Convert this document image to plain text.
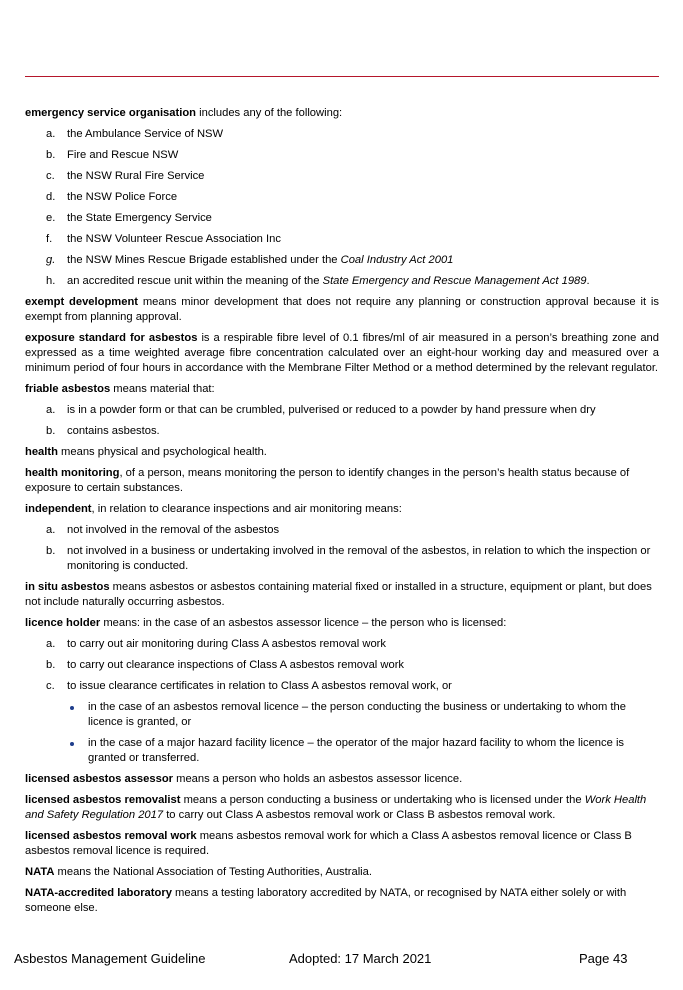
emergency service organisation includes any of the following:

a. the Ambulance Service of NSW
b. Fire and Rescue NSW
c. the NSW Rural Fire Service
d. the NSW Police Force
e. the State Emergency Service
f. the NSW Volunteer Rescue Association Inc
g. the NSW Mines Rescue Brigade established under the Coal Industry Act 2001
h. an accredited rescue unit within the meaning of the State Emergency and Rescue Management Act 1989.

exempt development means minor development that does not require any planning or construction approval because it is exempt from planning approval.

exposure standard for asbestos is a respirable fibre level of 0.1 fibres/ml of air measured in a person’s breathing zone and expressed as a time weighted average fibre concentration calculated over an eight-hour working day and measured over a minimum period of four hours in accordance with the Membrane Filter Method or a method determined by the relevant regulator.

friable asbestos means material that:

a. is in a powder form or that can be crumbled, pulverised or reduced to a powder by hand pressure when dry
b. contains asbestos.

health means physical and psychological health.

health monitoring, of a person, means monitoring the person to identify changes in the person’s health status because of exposure to certain substances.

independent, in relation to clearance inspections and air monitoring means:

a. not involved in the removal of the asbestos
b. not involved in a business or undertaking involved in the removal of the asbestos, in relation to which the inspection or monitoring is conducted.

in situ asbestos means asbestos or asbestos containing material fixed or installed in a structure, equipment or plant, but does not include naturally occurring asbestos.

licence holder means: in the case of an asbestos assessor licence – the person who is licensed:

a. to carry out air monitoring during Class A asbestos removal work
b. to carry out clearance inspections of Class A asbestos removal work
c. to issue clearance certificates in relation to Class A asbestos removal work, or
in the case of an asbestos removal licence – the person conducting the business or undertaking to whom the licence is granted, or
in the case of a major hazard facility licence – the operator of the major hazard facility to whom the licence is granted or transferred.

licensed asbestos assessor means a person who holds an asbestos assessor licence.

licensed asbestos removalist means a person conducting a business or undertaking who is licensed under the Work Health and Safety Regulation 2017 to carry out Class A asbestos removal work or Class B asbestos removal work.

licensed asbestos removal work means asbestos removal work for which a Class A asbestos removal licence or Class B asbestos removal licence is required.

NATA means the National Association of Testing Authorities, Australia.

NATA-accredited laboratory means a testing laboratory accredited by NATA, or recognised by NATA either solely or with someone else.

Asbestos Management Guideline	Adopted: 17 March 2021	Page 43
